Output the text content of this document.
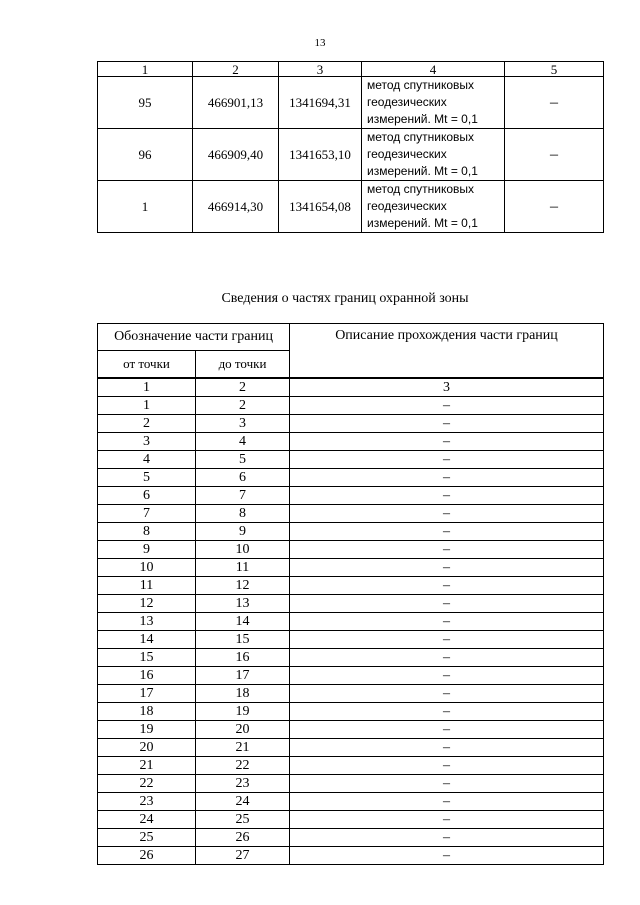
13
1	2	3	4	5
95	466901,13	1341694,31	метод спутниковых
геодезических
измерений. Mt = 0,1	–
96	466909,40	1341653,10	метод спутниковых
геодезических
измерений. Mt = 0,1	–
1	466914,30	1341654,08	метод спутниковых
геодезических
измерений. Mt = 0,1	–
Сведения о частях границ охранной зоны
Обозначение части границ		Описание прохождения части границ
от точки	до точки	
1	2	3
1	2	–
2	3	–
3	4	–
4	5	–
5	6	–
6	7	–
7	8	–
8	9	–
9	10	–
10	11	–
11	12	–
12	13	–
13	14	–
14	15	–
15	16	–
16	17	–
17	18	–
18	19	–
19	20	–
20	21	–
21	22	–
22	23	–
23	24	–
24	25	–
25	26	–
26	27	–
